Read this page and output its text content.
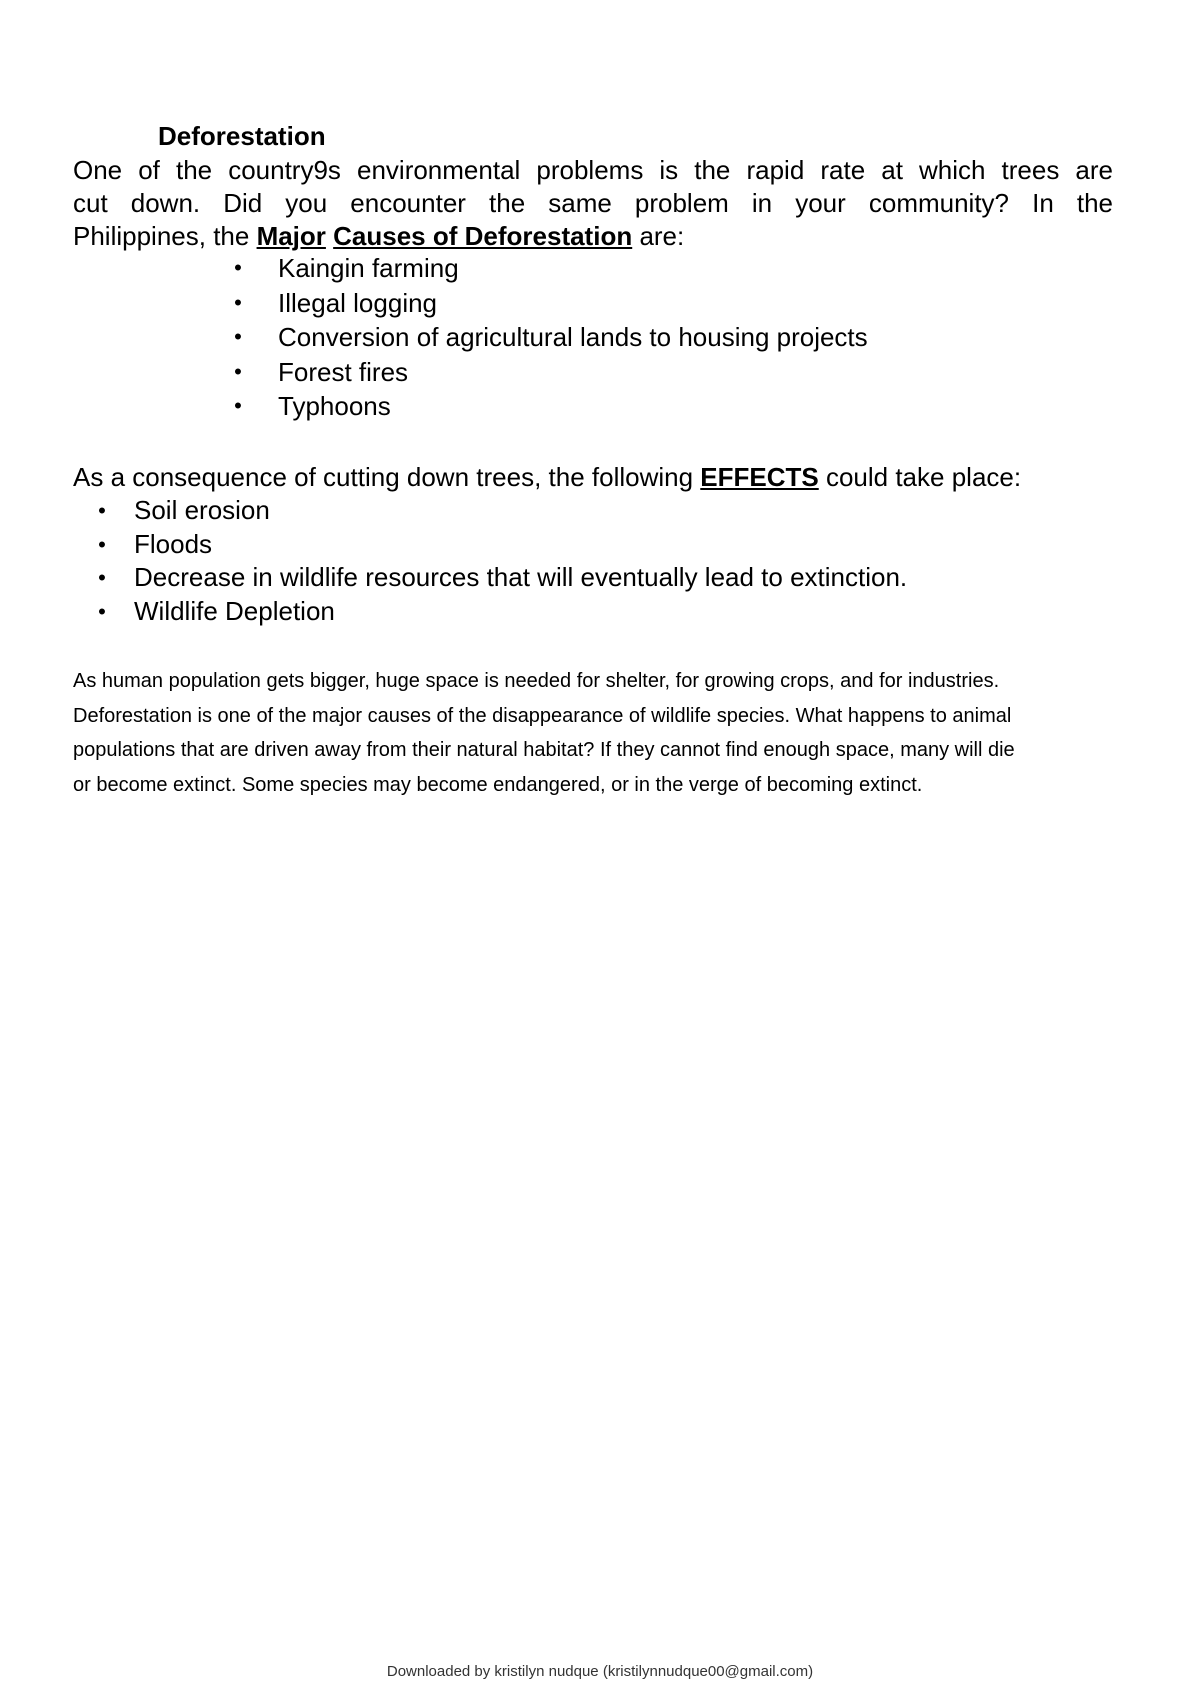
Deforestation
One of the country9s environmental problems is the rapid rate at which trees are
cut down. Did you encounter the same problem in your community? In the
Philippines, the Major Causes of Deforestation are:
• Kaingin farming
• Illegal logging
• Conversion of agricultural lands to housing projects
• Forest fires
• Typhoons
As a consequence of cutting down trees, the following EFFECTS could take place:
• Soil erosion
• Floods
• Decrease in wildlife resources that will eventually lead to extinction.
• Wildlife Depletion
As human population gets bigger, huge space is needed for shelter, for growing crops, and for industries.
Deforestation is one of the major causes of the disappearance of wildlife species. What happens to animal
populations that are driven away from their natural habitat? If they cannot find enough space, many will die
or become extinct. Some species may become endangered, or in the verge of becoming extinct.
Downloaded by kristilyn nudque (kristilynnudque00@gmail.com)
